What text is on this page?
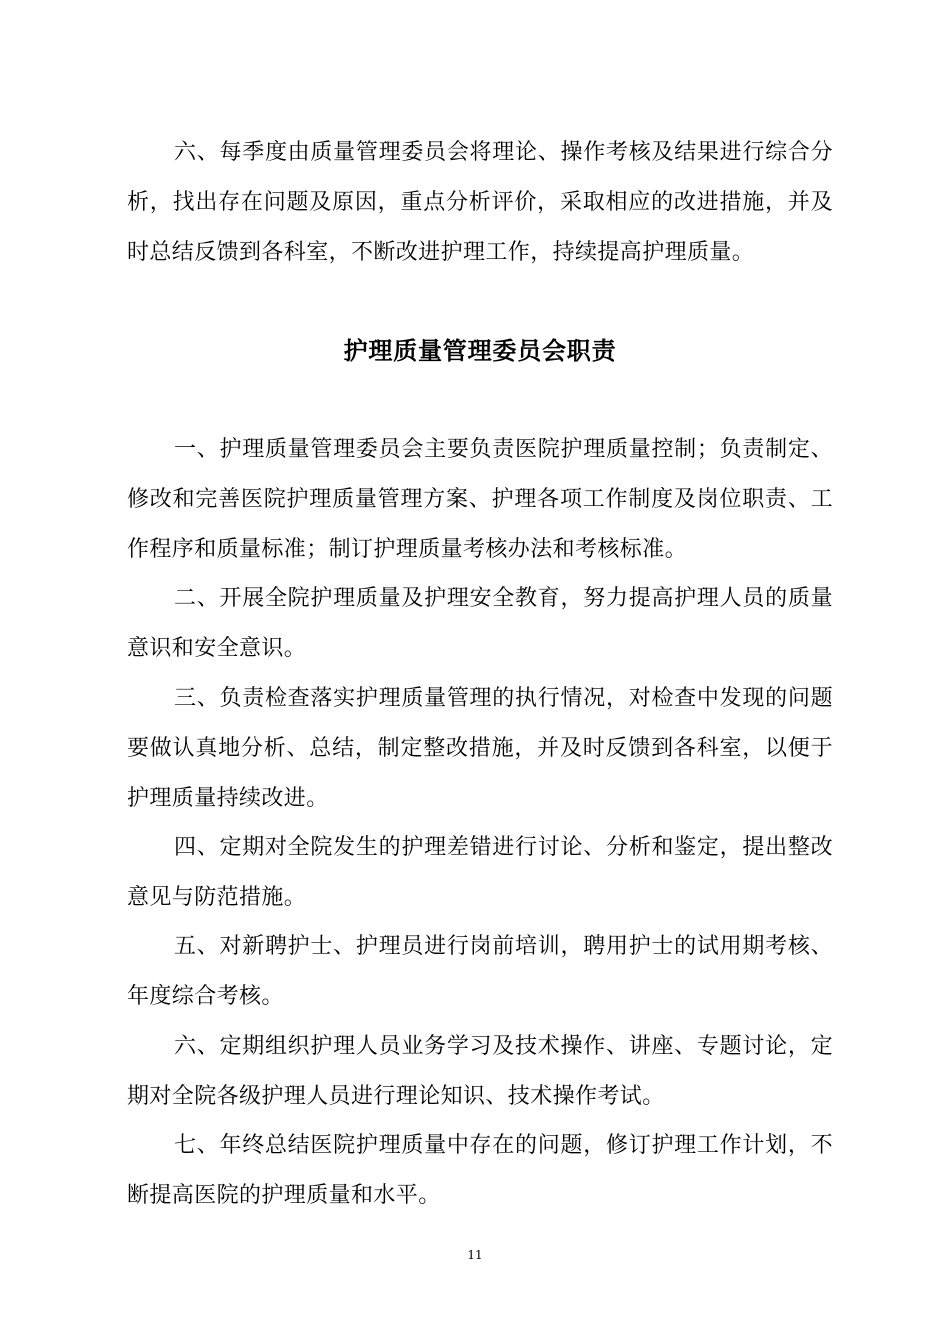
六、每季度由质量管理委员会将理论、操作考核及结果进行综合分析，找出存在问题及原因，重点分析评价，采取相应的改进措施，并及时总结反馈到各科室，不断改进护理工作，持续提高护理质量。

护理质量管理委员会职责

一、护理质量管理委员会主要负责医院护理质量控制；负责制定、修改和完善医院护理质量管理方案、护理各项工作制度及岗位职责、工作程序和质量标准；制订护理质量考核办法和考核标准。

二、开展全院护理质量及护理安全教育，努力提高护理人员的质量意识和安全意识。

三、负责检查落实护理质量管理的执行情况，对检查中发现的问题要做认真地分析、总结，制定整改措施，并及时反馈到各科室，以便于护理质量持续改进。

四、定期对全院发生的护理差错进行讨论、分析和鉴定，提出整改意见与防范措施。

五、对新聘护士、护理员进行岗前培训，聘用护士的试用期考核、年度综合考核。

六、定期组织护理人员业务学习及技术操作、讲座、专题讨论，定期对全院各级护理人员进行理论知识、技术操作考试。

七、年终总结医院护理质量中存在的问题，修订护理工作计划，不断提高医院的护理质量和水平。

11
